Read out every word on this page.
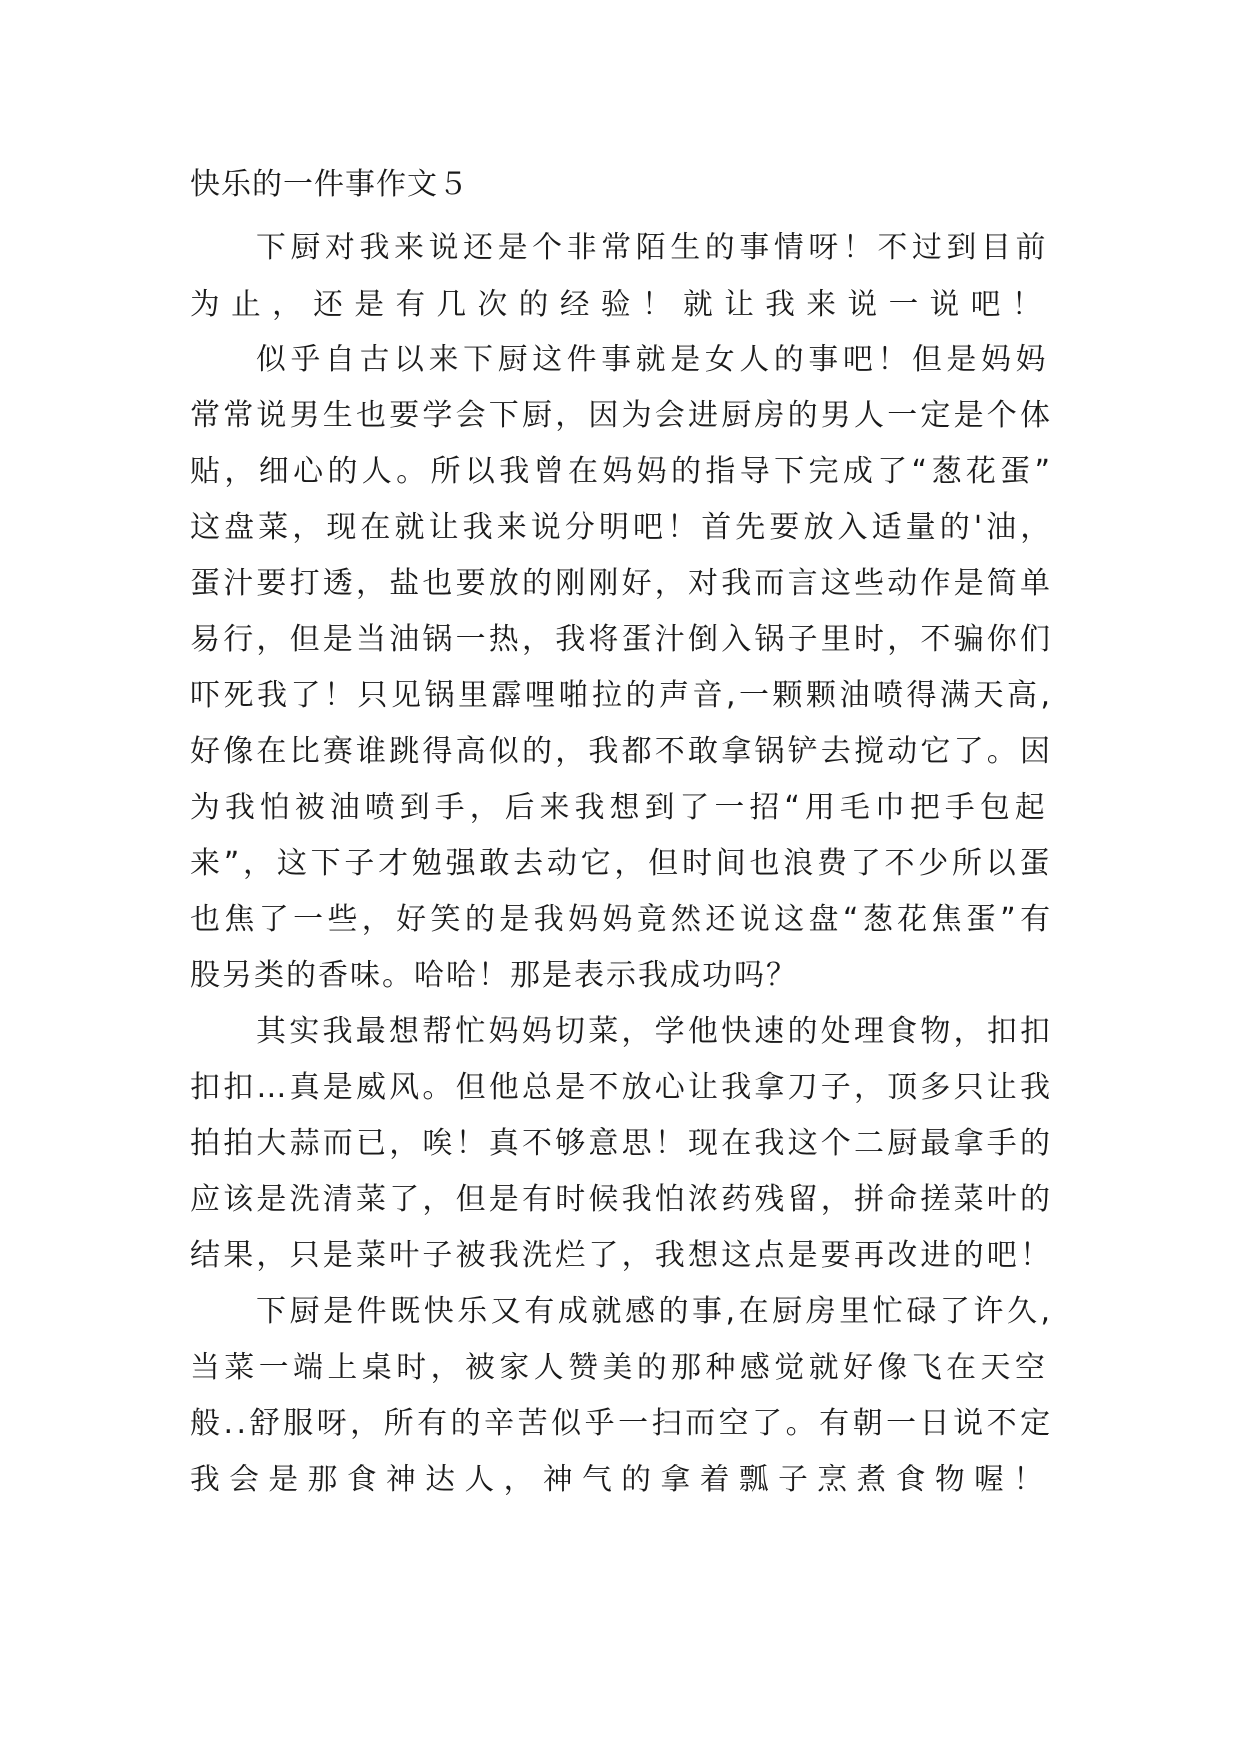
快乐的一件事作文５
下厨对我来说还是个非常陌生的事情呀！不过到目前
为止，还是有几次的经验！就让我来说一说吧！
似乎自古以来下厨这件事就是女人的事吧！但是妈妈
常常说男生也要学会下厨，因为会进厨房的男人一定是个体
贴，细心的人。所以我曾在妈妈的指导下完成了“葱花蛋”
这盘菜，现在就让我来说分明吧！首先要放入适量的'油，
蛋汁要打透，盐也要放的刚刚好，对我而言这些动作是简单
易行，但是当油锅一热，我将蛋汁倒入锅子里时，不骗你们
吓死我了！只见锅里霹哩啪拉的声音,一颗颗油喷得满天高,
好像在比赛谁跳得高似的，我都不敢拿锅铲去搅动它了。因
为我怕被油喷到手，后来我想到了一招“用毛巾把手包起
来”，这下子才勉强敢去动它，但时间也浪费了不少所以蛋
也焦了一些，好笑的是我妈妈竟然还说这盘“葱花焦蛋”有
股另类的香味。哈哈！那是表示我成功吗？
其实我最想帮忙妈妈切菜，学他快速的处理食物，扣扣
扣扣…真是威风。但他总是不放心让我拿刀子，顶多只让我
拍拍大蒜而已，唉！真不够意思！现在我这个二厨最拿手的
应该是洗清菜了，但是有时候我怕浓药残留，拼命搓菜叶的
结果，只是菜叶子被我洗烂了，我想这点是要再改进的吧！
下厨是件既快乐又有成就感的事,在厨房里忙碌了许久,
当菜一端上桌时，被家人赞美的那种感觉就好像飞在天空
般..舒服呀，所有的辛苦似乎一扫而空了。有朝一日说不定
我会是那食神达人，神气的拿着瓢子烹煮食物喔！
